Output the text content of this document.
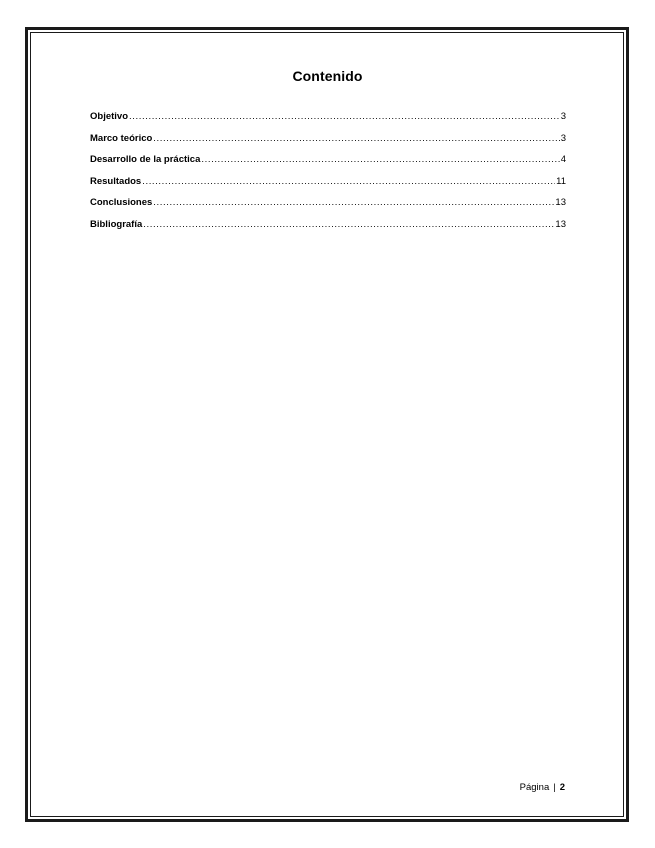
Contenido
Objetivo .....	3
Marco teórico .....	3
Desarrollo de la práctica .....	4
Resultados .....	11
Conclusiones .....	13
Bibliografía .....	13
Página | 2
